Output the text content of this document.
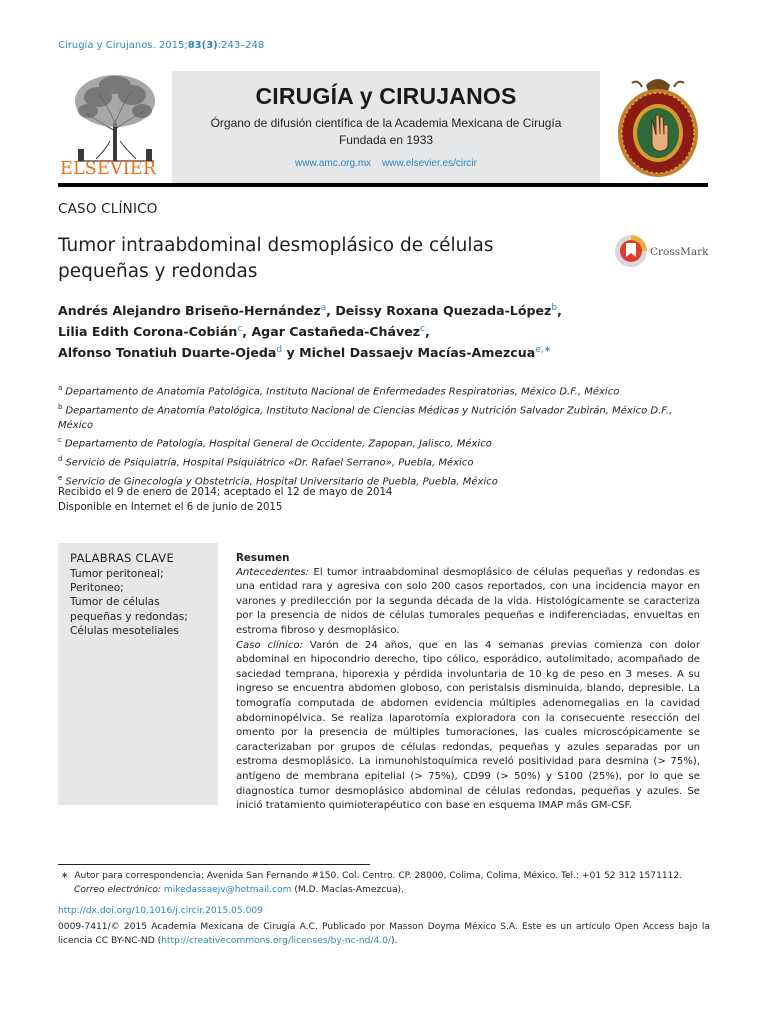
Cirugía y Cirujanos. 2015;83(3):243–248
ELSEVIER
CIRUGÍA y CIRUJANOS
Órgano de difusión científica de la Academia Mexicana de Cirugía
Fundada en 1933
www.amc.org.mx www.elsevier.es/circir
CASO CLÍNICO
Tumor intraabdominal desmoplásico de células pequeñas y redondas
CrossMark
Andrés Alejandro Briseño-Hernández$^a$, Deissy Roxana Quezada-López$^b$,
Lilia Edith Corona-Cobián$^c$, Agar Castañeda-Chávez$^c$,
Alfonso Tonatiuh Duarte-Ojeda$^d$ y Michel Dassaejv Macías-Amezcua$^{e,∗}$
$^a$ Departamento de Anatomía Patológica, Instituto Nacional de Enfermedades Respiratorias, México D.F., México
$^b$ Departamento de Anatomía Patológica, Instituto Nacional de Ciencias Médicas y Nutrición Salvador Zubirán, México D.F., México
$^c$ Departamento de Patología, Hospital General de Occidente, Zapopan, Jalisco, México
$^d$ Servicio de Psiquiatría, Hospital Psiquiátrico «Dr. Rafael Serrano», Puebla, México
$^e$ Servicio de Ginecología y Obstetricia, Hospital Universitario de Puebla, Puebla, México
Recibido el 9 de enero de 2014; aceptado el 12 de mayo de 2014
Disponible en Internet el 6 de junio de 2015
PALABRAS CLAVE
Tumor peritoneal;
Peritoneo;
Tumor de células
pequeñas y redondas;
Células mesoteliales
Resumen

Antecedentes: El tumor intraabdominal desmoplásico de células pequeñas y redondas es una entidad rara y agresiva con solo 200 casos reportados, con una incidencia mayor en varones y predilección por la segunda década de la vida. Histológicamente se caracteriza por la presencia de nidos de células tumorales pequeñas e indiferenciadas, envueltas en estroma fibroso y desmoplásico.

Caso clínico: Varón de 24 años, que en las 4 semanas previas comienza con dolor abdominal en hipocondrio derecho, tipo cólico, esporádico, autolimitado, acompañado de saciedad temprana, hiporexia y pérdida involuntaria de 10 kg de peso en 3 meses. A su ingreso se encuentra abdomen globoso, con peristalsis disminuida, blando, depresible. La tomografía computada de abdomen evidencia múltiples adenomegalias en la cavidad abdominopélvica. Se realiza laparotomía exploradora con la consecuente resección del omento por la presencia de múltiples tumoraciones, las cuales microscópicamente se caracterizaban por grupos de células redondas, pequeñas y azules separadas por un estroma desmoplásico. La inmunohistoquímica reveló positividad para desmina (> 75%), antígeno de membrana epitelial (> 75%), CD99 (> 50%) y S100 (25%), por lo que se diagnostica tumor desmoplásico abdominal de células redondas, pequeñas y azules. Se inició tratamiento quimioterapéutico con base en esquema IMAP más GM-CSF.

∗ Autor para correspondencia: Avenida San Fernando #150. Col. Centro. CP. 28000, Colima, Colima, México. Tel.: +01 52 312 1571112.
Correo electrónico: mikedassaejv@hotmail.com (M.D. Macías-Amezcua).
http://dx.doi.org/10.1016/j.circir.2015.05.009
0009-7411/© 2015 Academia Mexicana de Cirugía A.C. Publicado por Masson Doyma México S.A. Este es un artículo Open Access bajo la licencia CC BY-NC-ND (http://creativecommons.org/licenses/by-nc-nd/4.0/).
